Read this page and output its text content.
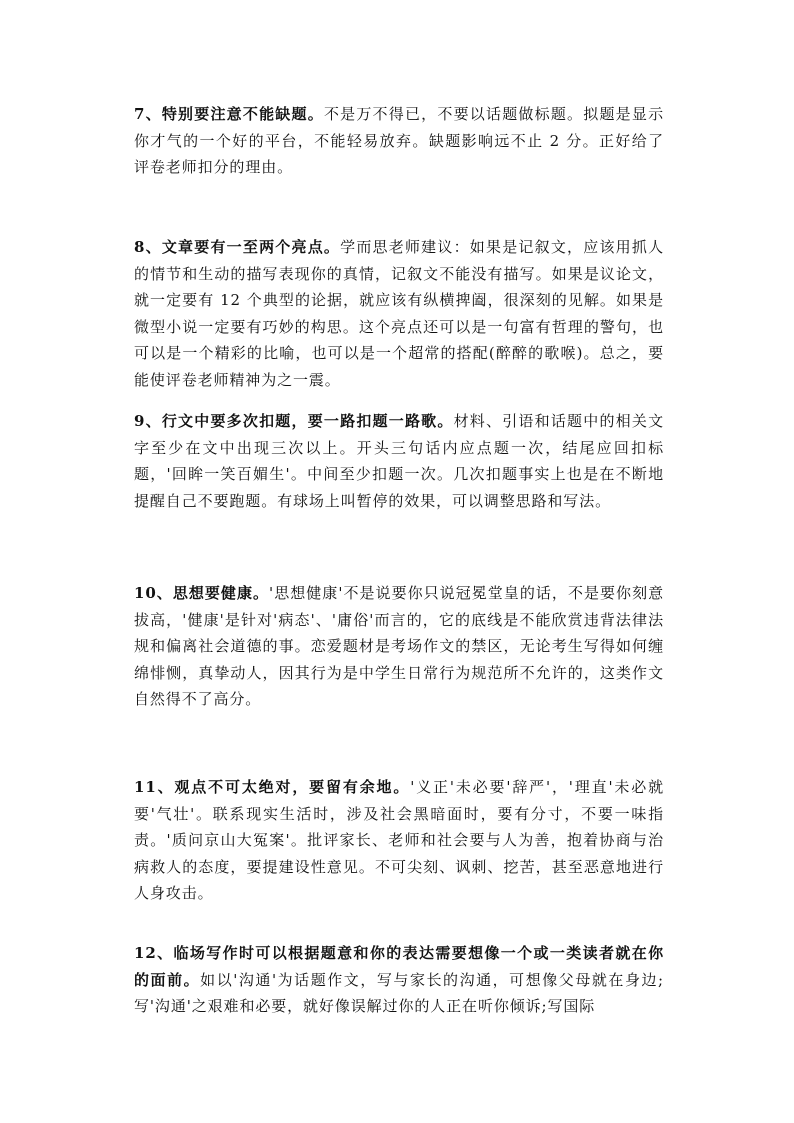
7、特别要注意不能缺题。不是万不得已，不要以话题做标题。拟题是显示你才气的一个好的平台，不能轻易放弃。缺题影响远不止 2 分。正好给了评卷老师扣分的理由。

8、文章要有一至两个亮点。学而思老师建议：如果是记叙文，应该用抓人的情节和生动的描写表现你的真情，记叙文不能没有描写。如果是议论文，就一定要有 12 个典型的论据，就应该有纵横捭阖，很深刻的见解。如果是微型小说一定要有巧妙的构思。这个亮点还可以是一句富有哲理的警句，也可以是一个精彩的比喻，也可以是一个超常的搭配(醉醉的歌喉)。总之，要能使评卷老师精神为之一震。

9、行文中要多次扣题，要一路扣题一路歌。材料、引语和话题中的相关文字至少在文中出现三次以上。开头三句话内应点题一次，结尾应回扣标题，'回眸一笑百媚生'。中间至少扣题一次。几次扣题事实上也是在不断地提醒自己不要跑题。有球场上叫暂停的效果，可以调整思路和写法。

10、思想要健康。'思想健康'不是说要你只说冠冕堂皇的话，不是要你刻意拔高，'健康'是针对'病态'、'庸俗'而言的，它的底线是不能欣赏违背法律法规和偏离社会道德的事。恋爱题材是考场作文的禁区，无论考生写得如何缠绵悱恻，真挚动人，因其行为是中学生日常行为规范所不允许的，这类作文自然得不了高分。

11、观点不可太绝对，要留有余地。'义正'未必要'辞严'，'理直'未必就要'气壮'。联系现实生活时，涉及社会黑暗面时，要有分寸，不要一味指责。'质问京山大冤案'。批评家长、老师和社会要与人为善，抱着协商与治病救人的态度，要提建设性意见。不可尖刻、讽刺、挖苦，甚至恶意地进行人身攻击。

12、临场写作时可以根据题意和你的表达需要想像一个或一类读者就在你的面前。如以'沟通'为话题作文，写与家长的沟通，可想像父母就在身边;写'沟通'之艰难和必要，就好像误解过你的人正在听你倾诉;写国际
